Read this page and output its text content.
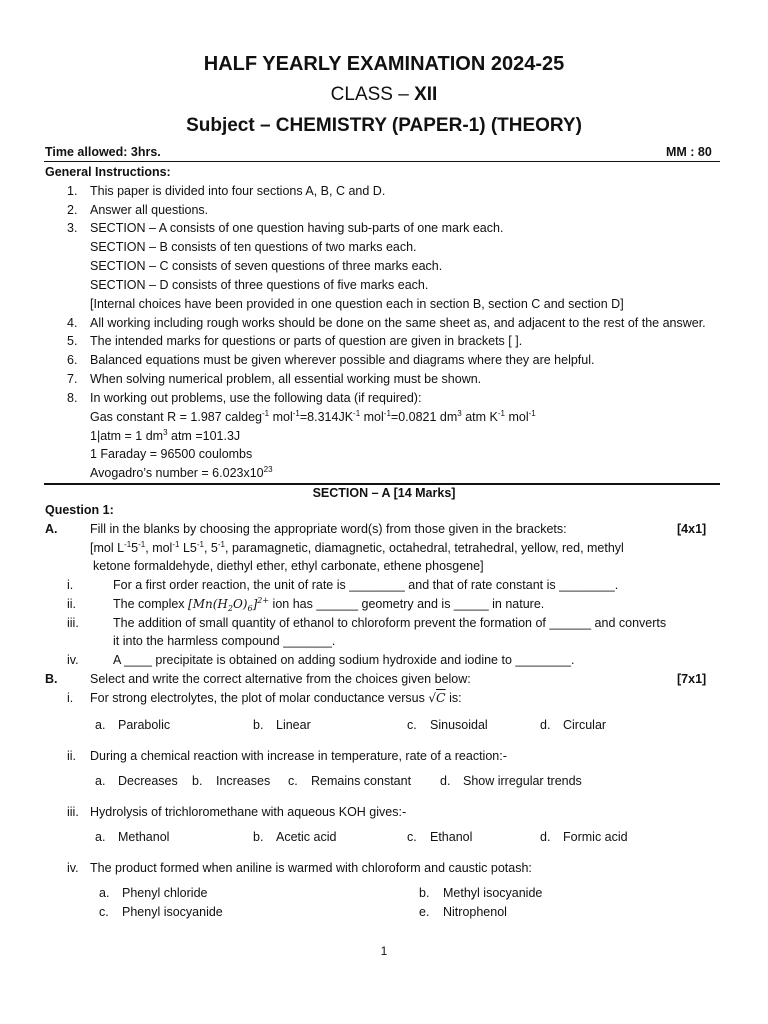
HALF YEARLY EXAMINATION 2024-25
CLASS – XII
Subject – CHEMISTRY (PAPER-1) (THEORY)
Time allowed: 3hrs.	MM : 80
General Instructions:
1. This paper is divided into four sections A, B, C and D.
2. Answer all questions.
3. SECTION – A consists of one question having sub-parts of one mark each.
SECTION – B consists of ten questions of two marks each.
SECTION – C consists of seven questions of three marks each.
SECTION – D consists of three questions of five marks each.
[Internal choices have been provided in one question each in section B, section C and section D]
4. All working including rough works should be done on the same sheet as, and adjacent to the rest of the answer.
5. The intended marks for questions or parts of question are given in brackets [ ].
6. Balanced equations must be given wherever possible and diagrams where they are helpful.
7. When solving numerical problem, all essential working must be shown.
8. In working out problems, use the following data (if required):
Gas constant R = 1.987 caldeg$^{-1}$ $mol^{-1}=8.314JK^{-1}$ mol$^{-1}$=0.0821 $dm^3$ atm $K^{-1}$ mol$^{-1}$
1|atm = 1 $dm^3$ atm =101.3J
1 Faraday = 96500 coulombs
Avogadro’s number = $6.023x10^{23}$
SECTION – A [14 Marks]
Question 1:
A.	Fill in the blanks by choosing the appropriate word(s) from those given in the brackets:	[4x1]
[mol $L^{-1}5^{-1}$, mol$^{-1}$ $L5^{-1}$, $5^{-1}$, paramagnetic, diamagnetic, octahedral, tetrahedral, yellow, red, methyl
ketone formaldehyde, diethyl ether, ethyl carbonate, ethene phosgene]
i.	For a first order reaction, the unit of rate is ________ and that of rate constant is ________.
ii.	The complex $[Mn(H_2O)_6]^{2+}$ ion has ______ geometry and is _____ in nature.
iii.	The addition of small quantity of ethanol to chloroform prevent the formation of ______ and converts
it into the harmless compound _______.
iv.	A ____ precipitate is obtained on adding sodium hydroxide and iodine to ________.
B.	Select and write the correct alternative from the choices given below:	[7x1]
i. For strong electrolytes, the plot of molar conductance versus √C is:
a. Parabolic	b. Linear	c. Sinusoidal	d. Circular
ii. During a chemical reaction with increase in temperature, rate of a reaction:-
a. Decreases b. Increases c. Remains constant d. Show irregular trends
iii. Hydrolysis of trichloromethane with aqueous KOH gives:-
a. Methanol	b. Acetic acid	c. Ethanol	d. Formic acid
iv. The product formed when aniline is warmed with chloroform and caustic potash:
a. Phenyl chloride	b. Methyl isocyanide
c. Phenyl isocyanide	e. Nitrophenol
1
